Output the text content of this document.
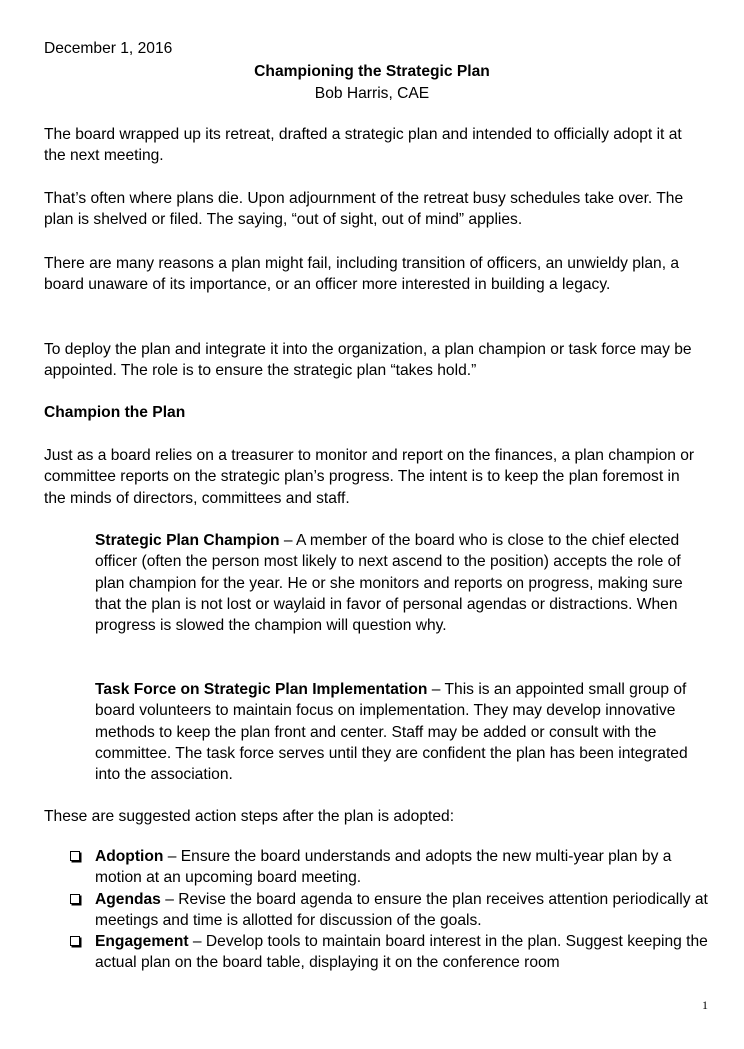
December 1, 2016
Championing the Strategic Plan
Bob Harris, CAE

The board wrapped up its retreat, drafted a strategic plan and intended to officially adopt it at the next meeting.

That’s often where plans die. Upon adjournment of the retreat busy schedules take over. The plan is shelved or filed. The saying, “out of sight, out of mind” applies.

There are many reasons a plan might fail, including transition of officers, an unwieldy plan, a board unaware of its importance, or an officer more interested in building a legacy.

To deploy the plan and integrate it into the organization, a plan champion or task force may be appointed. The role is to ensure the strategic plan “takes hold.”

Champion the Plan

Just as a board relies on a treasurer to monitor and report on the finances, a plan champion or committee reports on the strategic plan’s progress. The intent is to keep the plan foremost in the minds of directors, committees and staff.

Strategic Plan Champion – A member of the board who is close to the chief elected officer (often the person most likely to next ascend to the position) accepts the role of plan champion for the year. He or she monitors and reports on progress, making sure that the plan is not lost or waylaid in favor of personal agendas or distractions. When progress is slowed the champion will question why.

Task Force on Strategic Plan Implementation – This is an appointed small group of board volunteers to maintain focus on implementation. They may develop innovative methods to keep the plan front and center. Staff may be added or consult with the committee. The task force serves until they are confident the plan has been integrated into the association.

These are suggested action steps after the plan is adopted:

Adoption – Ensure the board understands and adopts the new multi-year plan by a motion at an upcoming board meeting.
Agendas – Revise the board agenda to ensure the plan receives attention periodically at meetings and time is allotted for discussion of the goals.
Engagement – Develop tools to maintain board interest in the plan. Suggest keeping the actual plan on the board table, displaying it on the conference room
1
